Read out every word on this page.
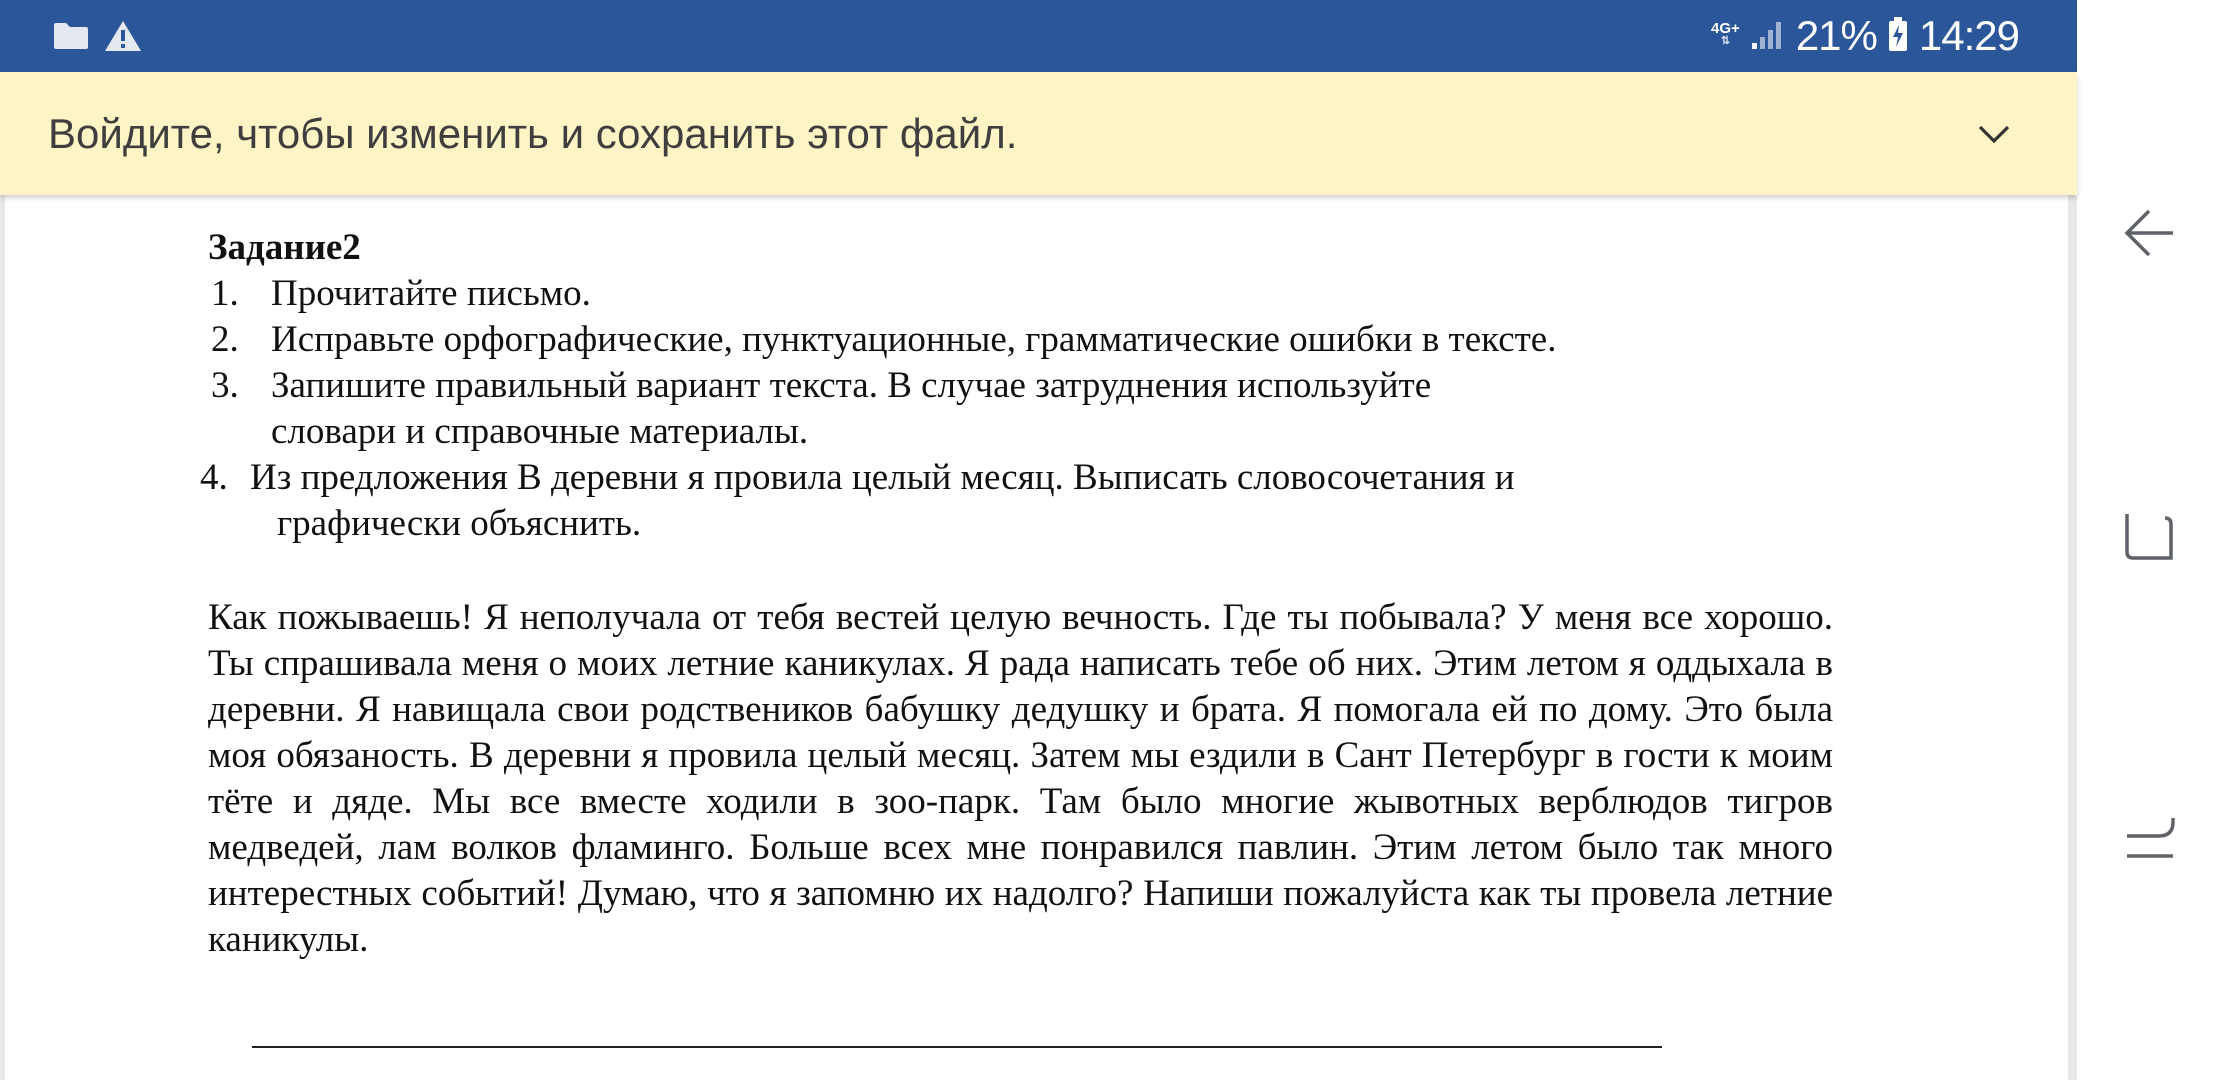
4G+
⇅ 21% 14:29
Войдите, чтобы изменить и сохранить этот файл.
Задание2
1. Прочитайте письмо.
2. Исправьте орфографические, пунктуационные, грамматические ошибки в тексте.
3. Запишите правильный вариант текста. В случае затруднения используйте
словари и справочные материалы.
4. Из предложения В деревни я провила целый месяц. Выписать словосочетания и
графически объяснить.

Как пожываешь! Я неполучала от тебя вестей целую вечность. Где ты побывала? У меня все хорошо. Ты спрашивала меня о моих летние каникулах. Я рада написать тебе об них. Этим летом я оддыхала в деревни. Я навищала свои родствеников бабушку дедушку и брата. Я помогала ей по дому. Это была моя обязаность. В деревни я провила целый месяц. Затем мы ездили в Сант Петербург в гости к моим тёте и дяде. Мы все вместе ходили в зоо-парк. Там было многие жывотных верблюдов тигров медведей, лам волков фламинго. Больше всех мне понравился павлин. Этим летом было так много интерестных событий! Думаю, что я запомню их надолго? Напиши пожалуйста как ты провела летние каникулы.
